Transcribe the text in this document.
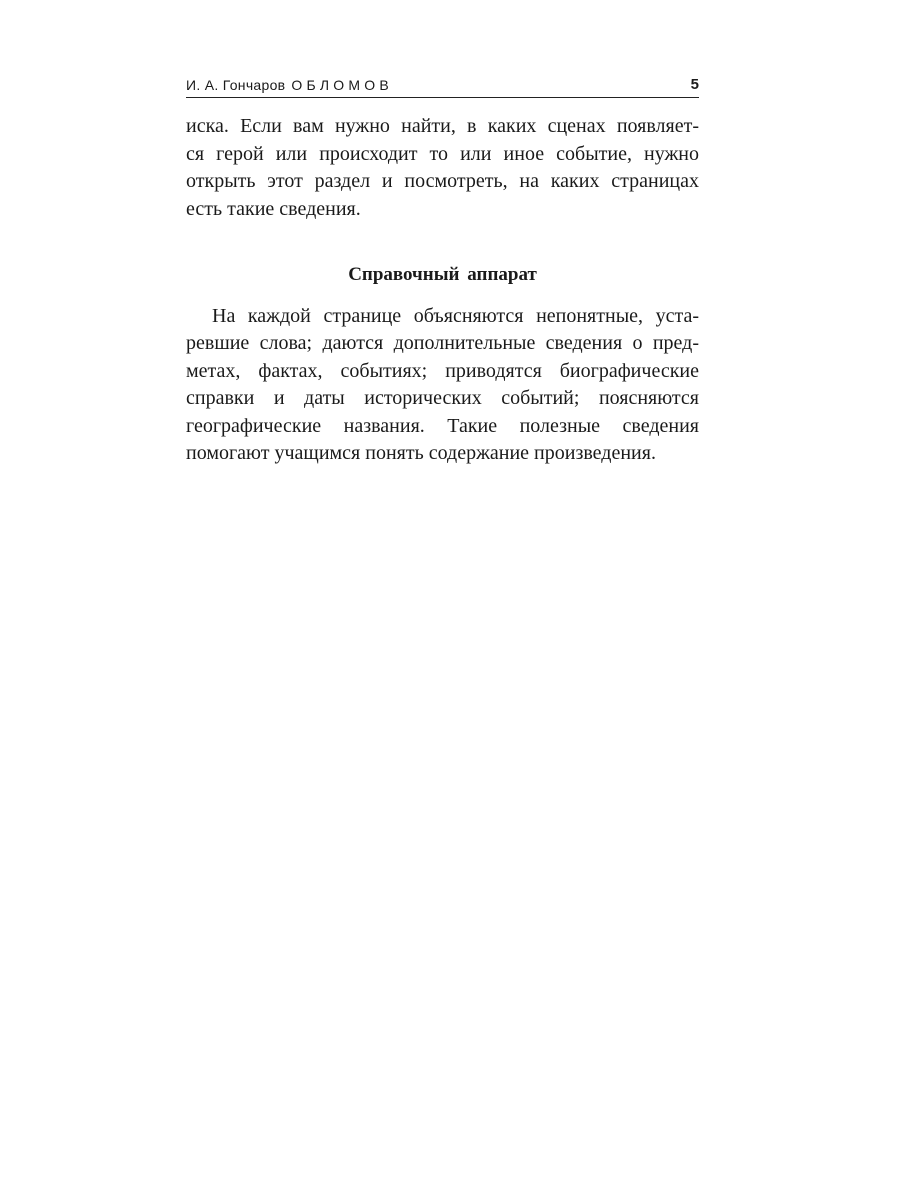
И. А. Гончаров ОБЛОМОВ	5

иска. Если вам нужно найти, в каких сценах появляет-
ся герой или происходит то или иное событие, нужно
открыть этот раздел и посмотреть, на каких страницах
есть такие сведения.

Справочный аппарат

На каждой странице объясняются непонятные, уста-
ревшие слова; даются дополнительные сведения о пред-
метах, фактах, событиях; приводятся биографические
справки и даты исторических событий; поясняются
географические названия. Такие полезные сведения
помогают учащимся понять содержание произведения.
